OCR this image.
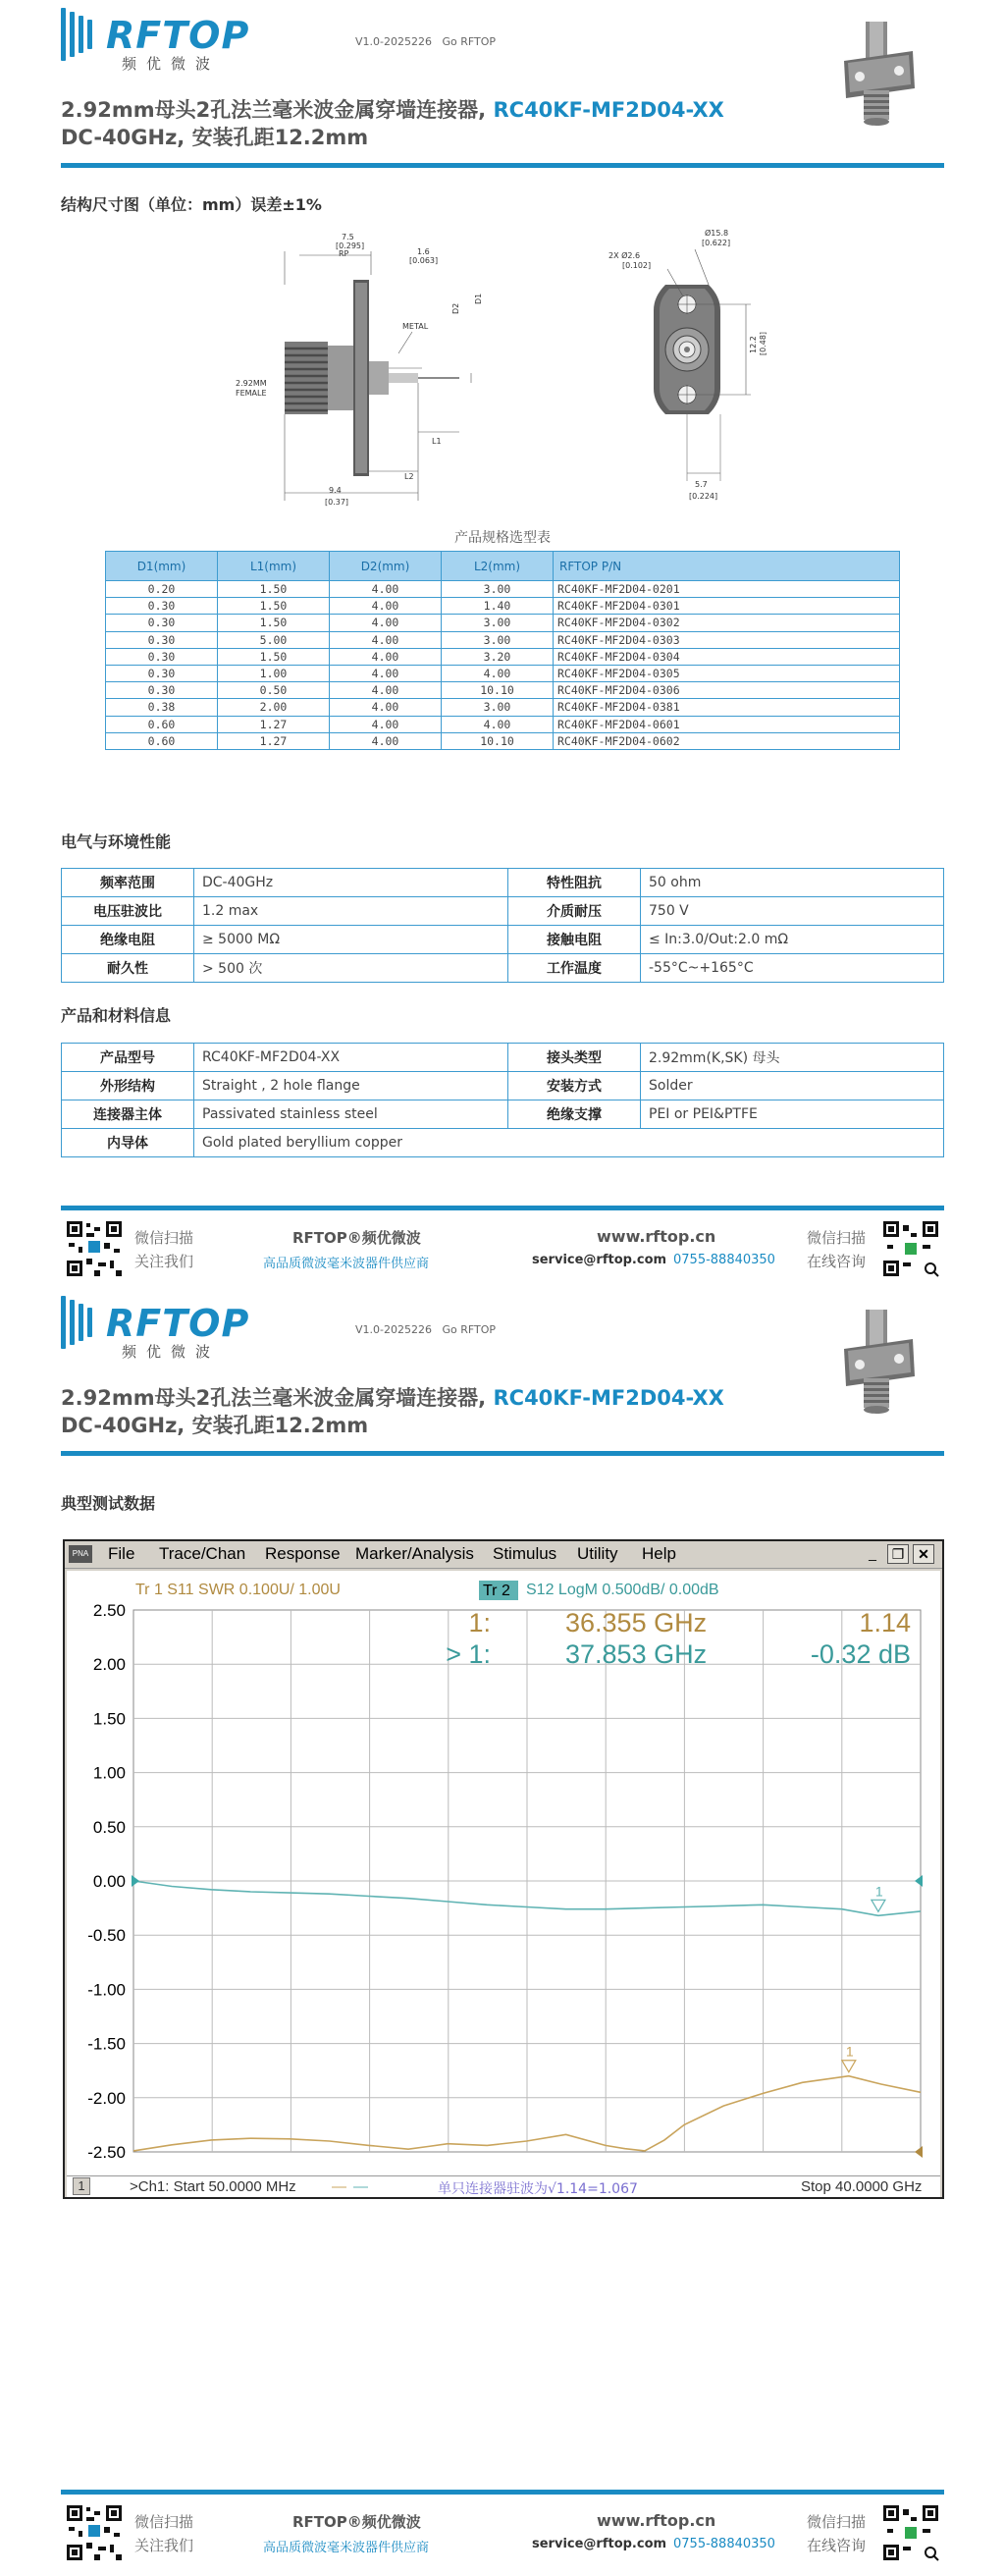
RFTOP
频优微波
V1.0-2025226 Go RFTOP
2.92mm母头2孔法兰毫米波金属穿墙连接器, RC40KF-MF2D04-XX
DC-40GHz, 安装孔距12.2mm
结构尺寸图（单位：mm）误差±1%
7.5
[0.295]
RP	1.6
[0.063]
D2
D1
METAL
2.92MM
FEMALE
L1
L2
9.4
[0.37]
Ø15.8
[0.622]
2X Ø2.6
[0.102]
12.2 [0.48]
5.7
[0.224]
产品规格选型表
D1(mm)	L1(mm)	D2(mm)	L2(mm)	RFTOP P/N
0.20	1.50	4.00	3.00	RC40KF-MF2D04-0201
0.30	1.50	4.00	1.40	RC40KF-MF2D04-0301
0.30	1.50	4.00	3.00	RC40KF-MF2D04-0302
0.30	5.00	4.00	3.00	RC40KF-MF2D04-0303
0.30	1.50	4.00	3.20	RC40KF-MF2D04-0304
0.30	1.00	4.00	4.00	RC40KF-MF2D04-0305
0.30	0.50	4.00	10.10	RC40KF-MF2D04-0306
0.38	2.00	4.00	3.00	RC40KF-MF2D04-0381
0.60	1.27	4.00	4.00	RC40KF-MF2D04-0601
0.60	1.27	4.00	10.10	RC40KF-MF2D04-0602
电气与环境性能
频率范围	DC-40GHz	特性阻抗	50 ohm
电压驻波比	1.2 max	介质耐压	750 V
绝缘电阻	≥ 5000 MΩ	接触电阻	≤ In:3.0/Out:2.0 mΩ
耐久性	> 500 次	工作温度	-55°C~+165°C
产品和材料信息
产品型号	RC40KF-MF2D04-XX	接头类型	2.92mm(K,SK) 母头
外形结构	Straight , 2 hole flange	安装方式	Solder
连接器主体	Passivated stainless steel	绝缘支撑	PEI or PEI&PTFE
内导体	Gold plated beryllium copper		
微信扫描
关注我们
RFTOP®频优微波
高品质微波毫米波器件供应商
www.rftop.cn
service@rftop.com 0755-88840350
微信扫描
在线咨询
RFTOP
频优微波
V1.0-2025226 Go RFTOP
2.92mm母头2孔法兰毫米波金属穿墙连接器, RC40KF-MF2D04-XX
DC-40GHz, 安装孔距12.2mm
典型测试数据
PNA File Trace/Chan Response Marker/Analysis Stimulus Utility Help	_	❐ ✕
2.50
2.00
1.50
1.00
0.50
0.00
-0.50
-1.00
-1.50
-2.00
-2.50
1
1
Tr 1 S11 SWR 0.100U/ 1.00U	Tr 2 S12 LogM 0.500dB/ 0.00dB
1:	36.355 GHz	1.14
> 1:	37.853 GHz	-0.32 dB
1	>Ch1: Start 50.0000 MHz — —	单只连接器驻波为√1.14=1.067	Stop 40.0000 GHz
微信扫描
关注我们
RFTOP®频优微波
高品质微波毫米波器件供应商
www.rftop.cn
service@rftop.com 0755-88840350
微信扫描
在线咨询
